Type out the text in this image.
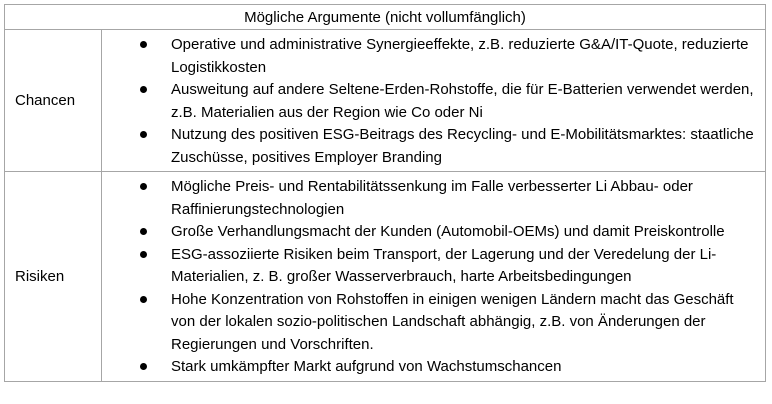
Mögliche Argumente (nicht vollumfänglich)
Chancen
Operative und administrative Synergieeffekte, z.B. reduzierte G&A/IT-Quote, reduzierte Logistikkosten
Ausweitung auf andere Seltene-Erden-Rohstoffe, die für E-Batterien verwendet werden, z.B. Materialien aus der Region wie Co oder Ni
Nutzung des positiven ESG-Beitrags des Recycling- und E-Mobilitätsmarktes: staatliche Zuschüsse, positives Employer Branding
Risiken
Mögliche Preis- und Rentabilitätssenkung im Falle verbesserter Li Abbau- oder Raffinierungstechnologien
Große Verhandlungsmacht der Kunden (Automobil-OEMs) und damit Preiskontrolle
ESG-assoziierte Risiken beim Transport, der Lagerung und der Veredelung der Li-Materialien, z. B. großer Wasserverbrauch, harte Arbeitsbedingungen
Hohe Konzentration von Rohstoffen in einigen wenigen Ländern macht das Geschäft von der lokalen sozio-politischen Landschaft abhängig, z.B. von Änderungen der Regierungen und Vorschriften.
Stark umkämpfter Markt aufgrund von Wachstumschancen
